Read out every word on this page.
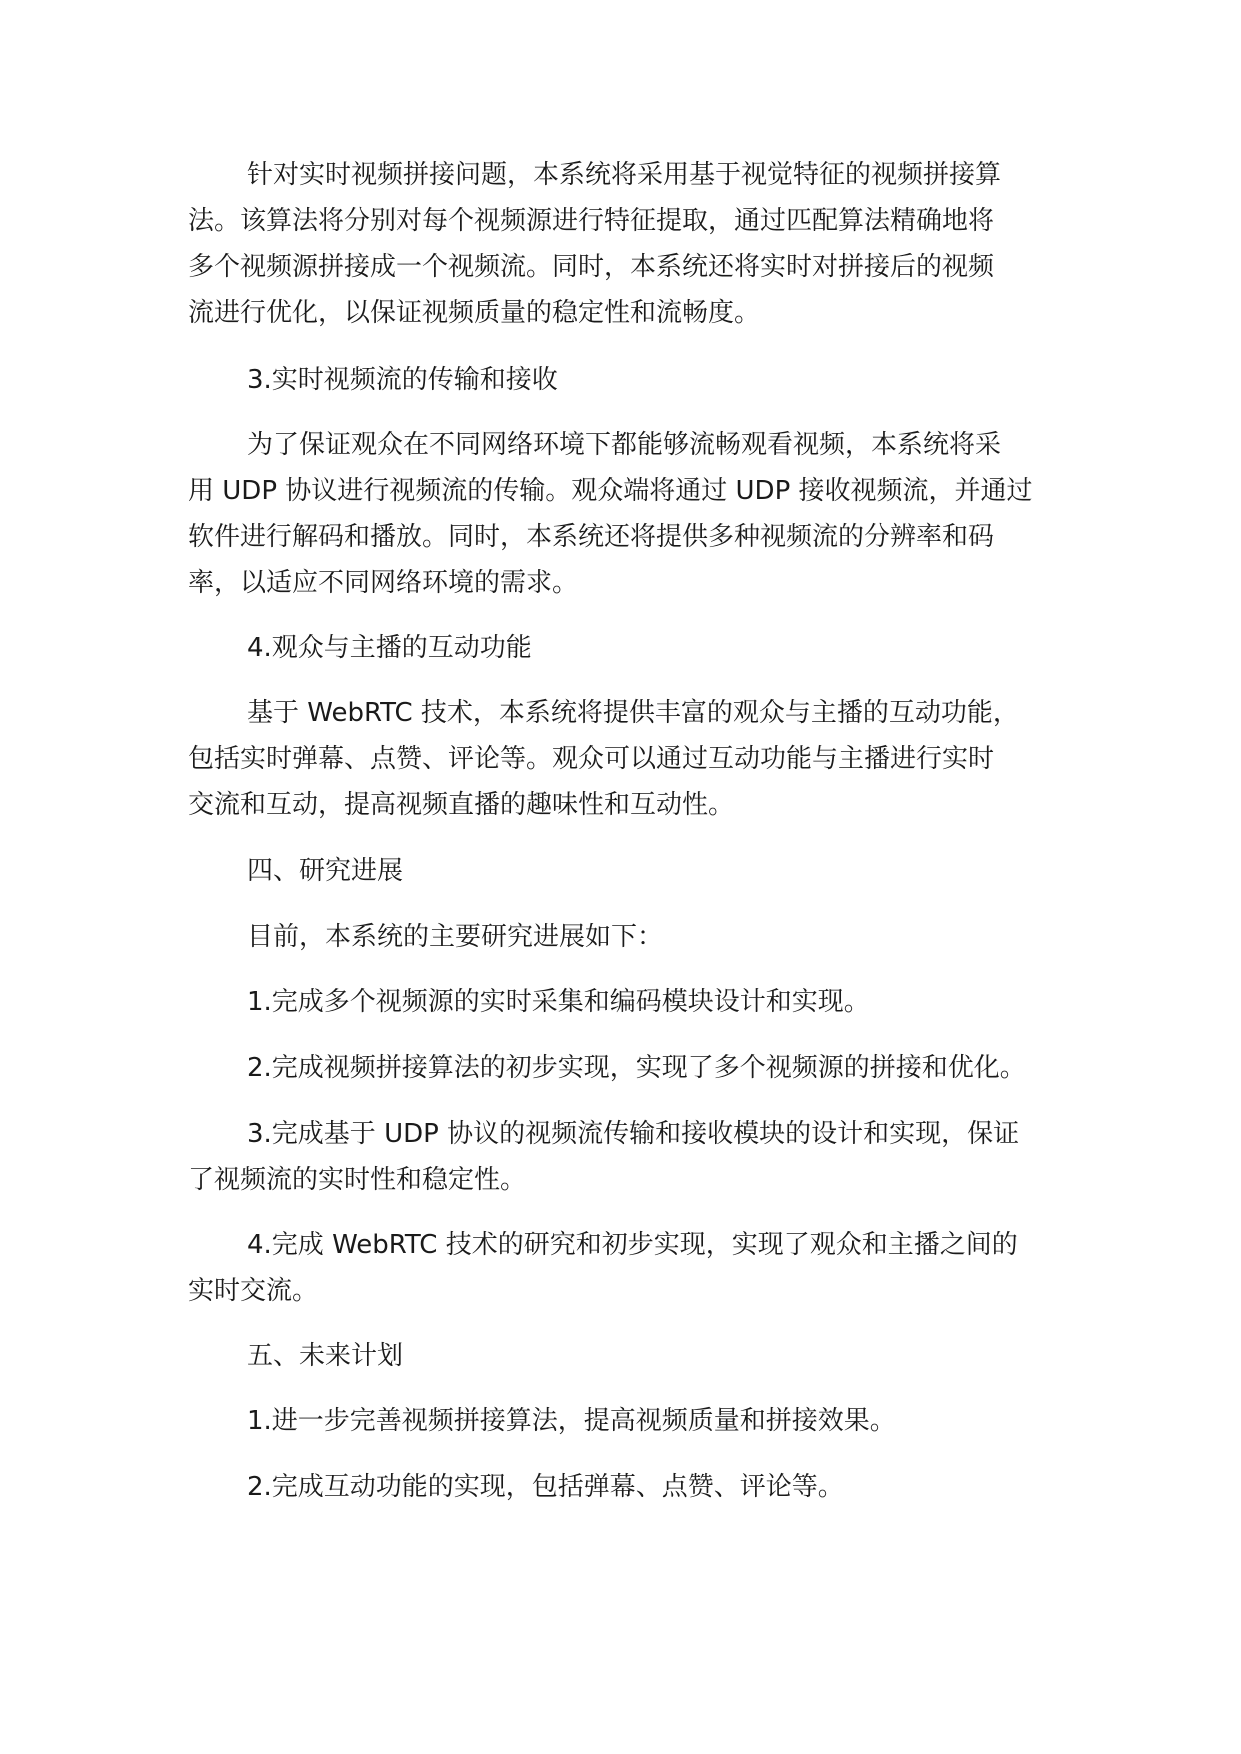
针对实时视频拼接问题，本系统将采用基于视觉特征的视频拼接算
法。该算法将分别对每个视频源进行特征提取，通过匹配算法精确地将
多个视频源拼接成一个视频流。同时，本系统还将实时对拼接后的视频
流进行优化，以保证视频质量的稳定性和流畅度。
3.实时视频流的传输和接收
为了保证观众在不同网络环境下都能够流畅观看视频，本系统将采
用 UDP 协议进行视频流的传输。观众端将通过 UDP 接收视频流，并通过
软件进行解码和播放。同时，本系统还将提供多种视频流的分辨率和码
率，以适应不同网络环境的需求。
4.观众与主播的互动功能
基于 WebRTC 技术，本系统将提供丰富的观众与主播的互动功能，
包括实时弹幕、点赞、评论等。观众可以通过互动功能与主播进行实时
交流和互动，提高视频直播的趣味性和互动性。
四、研究进展
目前，本系统的主要研究进展如下：
1.完成多个视频源的实时采集和编码模块设计和实现。
2.完成视频拼接算法的初步实现，实现了多个视频源的拼接和优化。
3.完成基于 UDP 协议的视频流传输和接收模块的设计和实现，保证
了视频流的实时性和稳定性。
4.完成 WebRTC 技术的研究和初步实现，实现了观众和主播之间的
实时交流。
五、未来计划
1.进一步完善视频拼接算法，提高视频质量和拼接效果。
2.完成互动功能的实现，包括弹幕、点赞、评论等。
